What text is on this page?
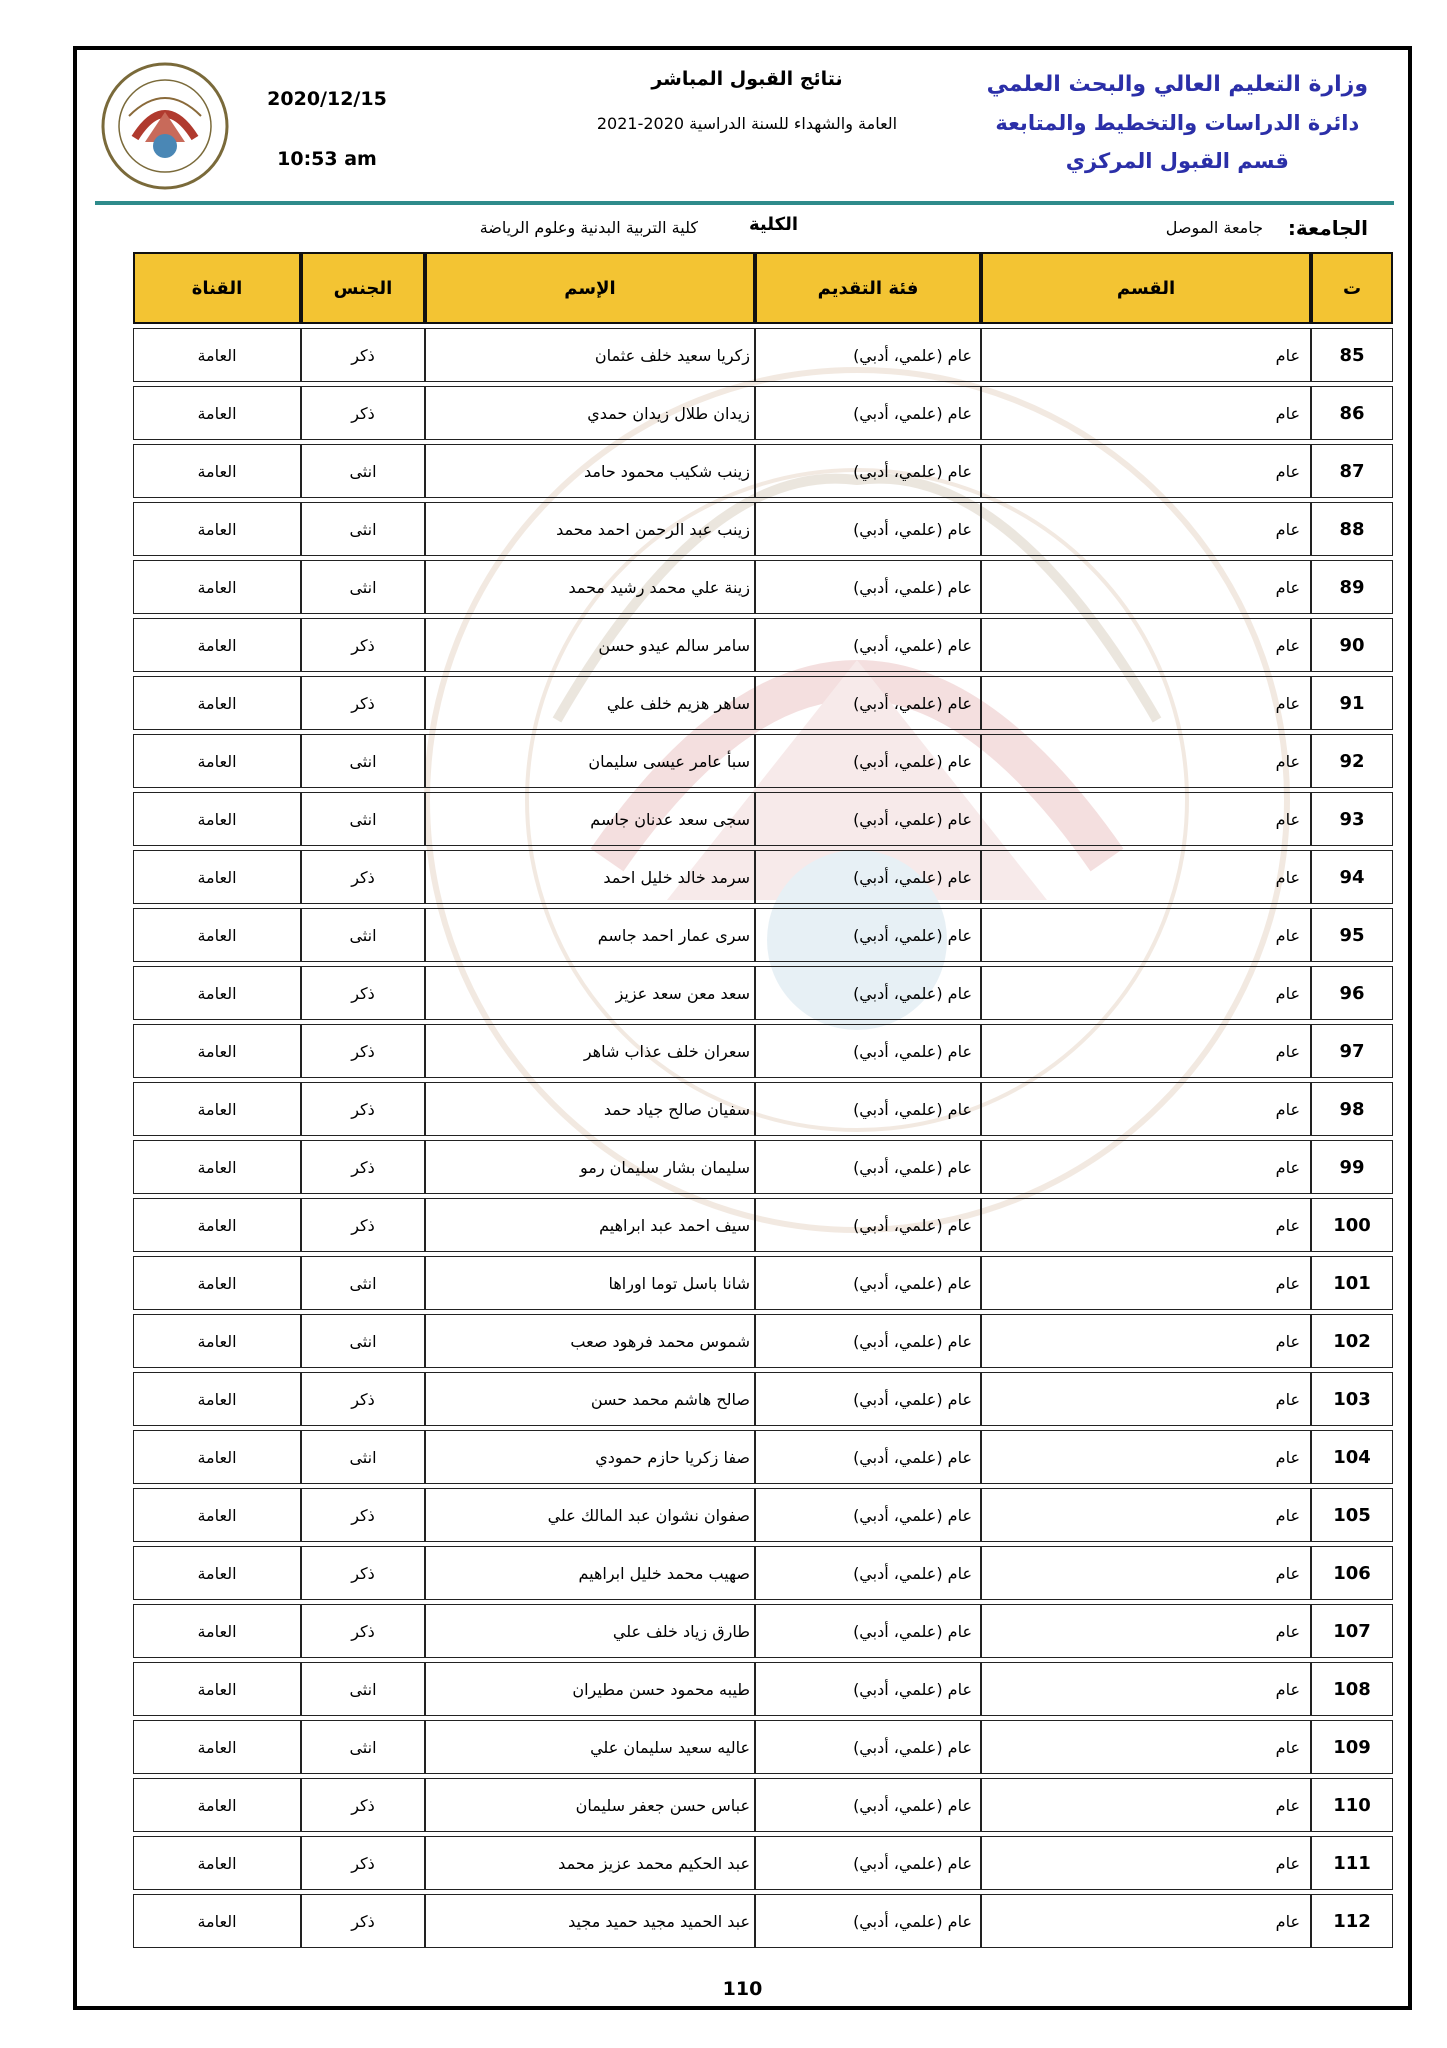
وزارة التعليم العالي والبحث العلمي
دائرة الدراسات والتخطيط والمتابعة
قسم القبول المركزي
نتائج القبول المباشر
العامة والشهداء للسنة الدراسية 2020-2021
2020/12/15
10:53 am
الجامعة:
جامعة الموصل
الكلية
كلية التربية البدنية وعلوم الرياضة
ت	القسم	فئة التقديم	الإسم	الجنس	القناة
85	عام	عام (علمي، أدبي)	زكريا سعيد خلف عثمان	ذكر	العامة
86	عام	عام (علمي، أدبي)	زيدان طلال زيدان حمدي	ذكر	العامة
87	عام	عام (علمي، أدبي)	زينب شكيب محمود حامد	انثى	العامة
88	عام	عام (علمي، أدبي)	زينب عبد الرحمن احمد محمد	انثى	العامة
89	عام	عام (علمي، أدبي)	زينة علي محمد رشيد محمد	انثى	العامة
90	عام	عام (علمي، أدبي)	سامر سالم عيدو حسن	ذكر	العامة
91	عام	عام (علمي، أدبي)	ساهر هزيم خلف علي	ذكر	العامة
92	عام	عام (علمي، أدبي)	سبأ عامر عيسى سليمان	انثى	العامة
93	عام	عام (علمي، أدبي)	سجى سعد عدنان جاسم	انثى	العامة
94	عام	عام (علمي، أدبي)	سرمد خالد خليل احمد	ذكر	العامة
95	عام	عام (علمي، أدبي)	سرى عمار احمد جاسم	انثى	العامة
96	عام	عام (علمي، أدبي)	سعد معن سعد عزيز	ذكر	العامة
97	عام	عام (علمي، أدبي)	سعران خلف عذاب شاهر	ذكر	العامة
98	عام	عام (علمي، أدبي)	سفيان صالح جياد حمد	ذكر	العامة
99	عام	عام (علمي، أدبي)	سليمان بشار سليمان رمو	ذكر	العامة
100	عام	عام (علمي، أدبي)	سيف احمد عبد ابراهيم	ذكر	العامة
101	عام	عام (علمي، أدبي)	شانا باسل توما اوراها	انثى	العامة
102	عام	عام (علمي، أدبي)	شموس محمد فرهود صعب	انثى	العامة
103	عام	عام (علمي، أدبي)	صالح هاشم محمد حسن	ذكر	العامة
104	عام	عام (علمي، أدبي)	صفا زكريا حازم حمودي	انثى	العامة
105	عام	عام (علمي، أدبي)	صفوان نشوان عبد المالك علي	ذكر	العامة
106	عام	عام (علمي، أدبي)	صهيب محمد خليل ابراهيم	ذكر	العامة
107	عام	عام (علمي، أدبي)	طارق زياد خلف علي	ذكر	العامة
108	عام	عام (علمي، أدبي)	طيبه محمود حسن مطيران	انثى	العامة
109	عام	عام (علمي، أدبي)	عاليه سعيد سليمان علي	انثى	العامة
110	عام	عام (علمي، أدبي)	عباس حسن جعفر سليمان	ذكر	العامة
111	عام	عام (علمي، أدبي)	عبد الحكيم محمد عزيز محمد	ذكر	العامة
112	عام	عام (علمي، أدبي)	عبد الحميد مجيد حميد مجيد	ذكر	العامة
110
